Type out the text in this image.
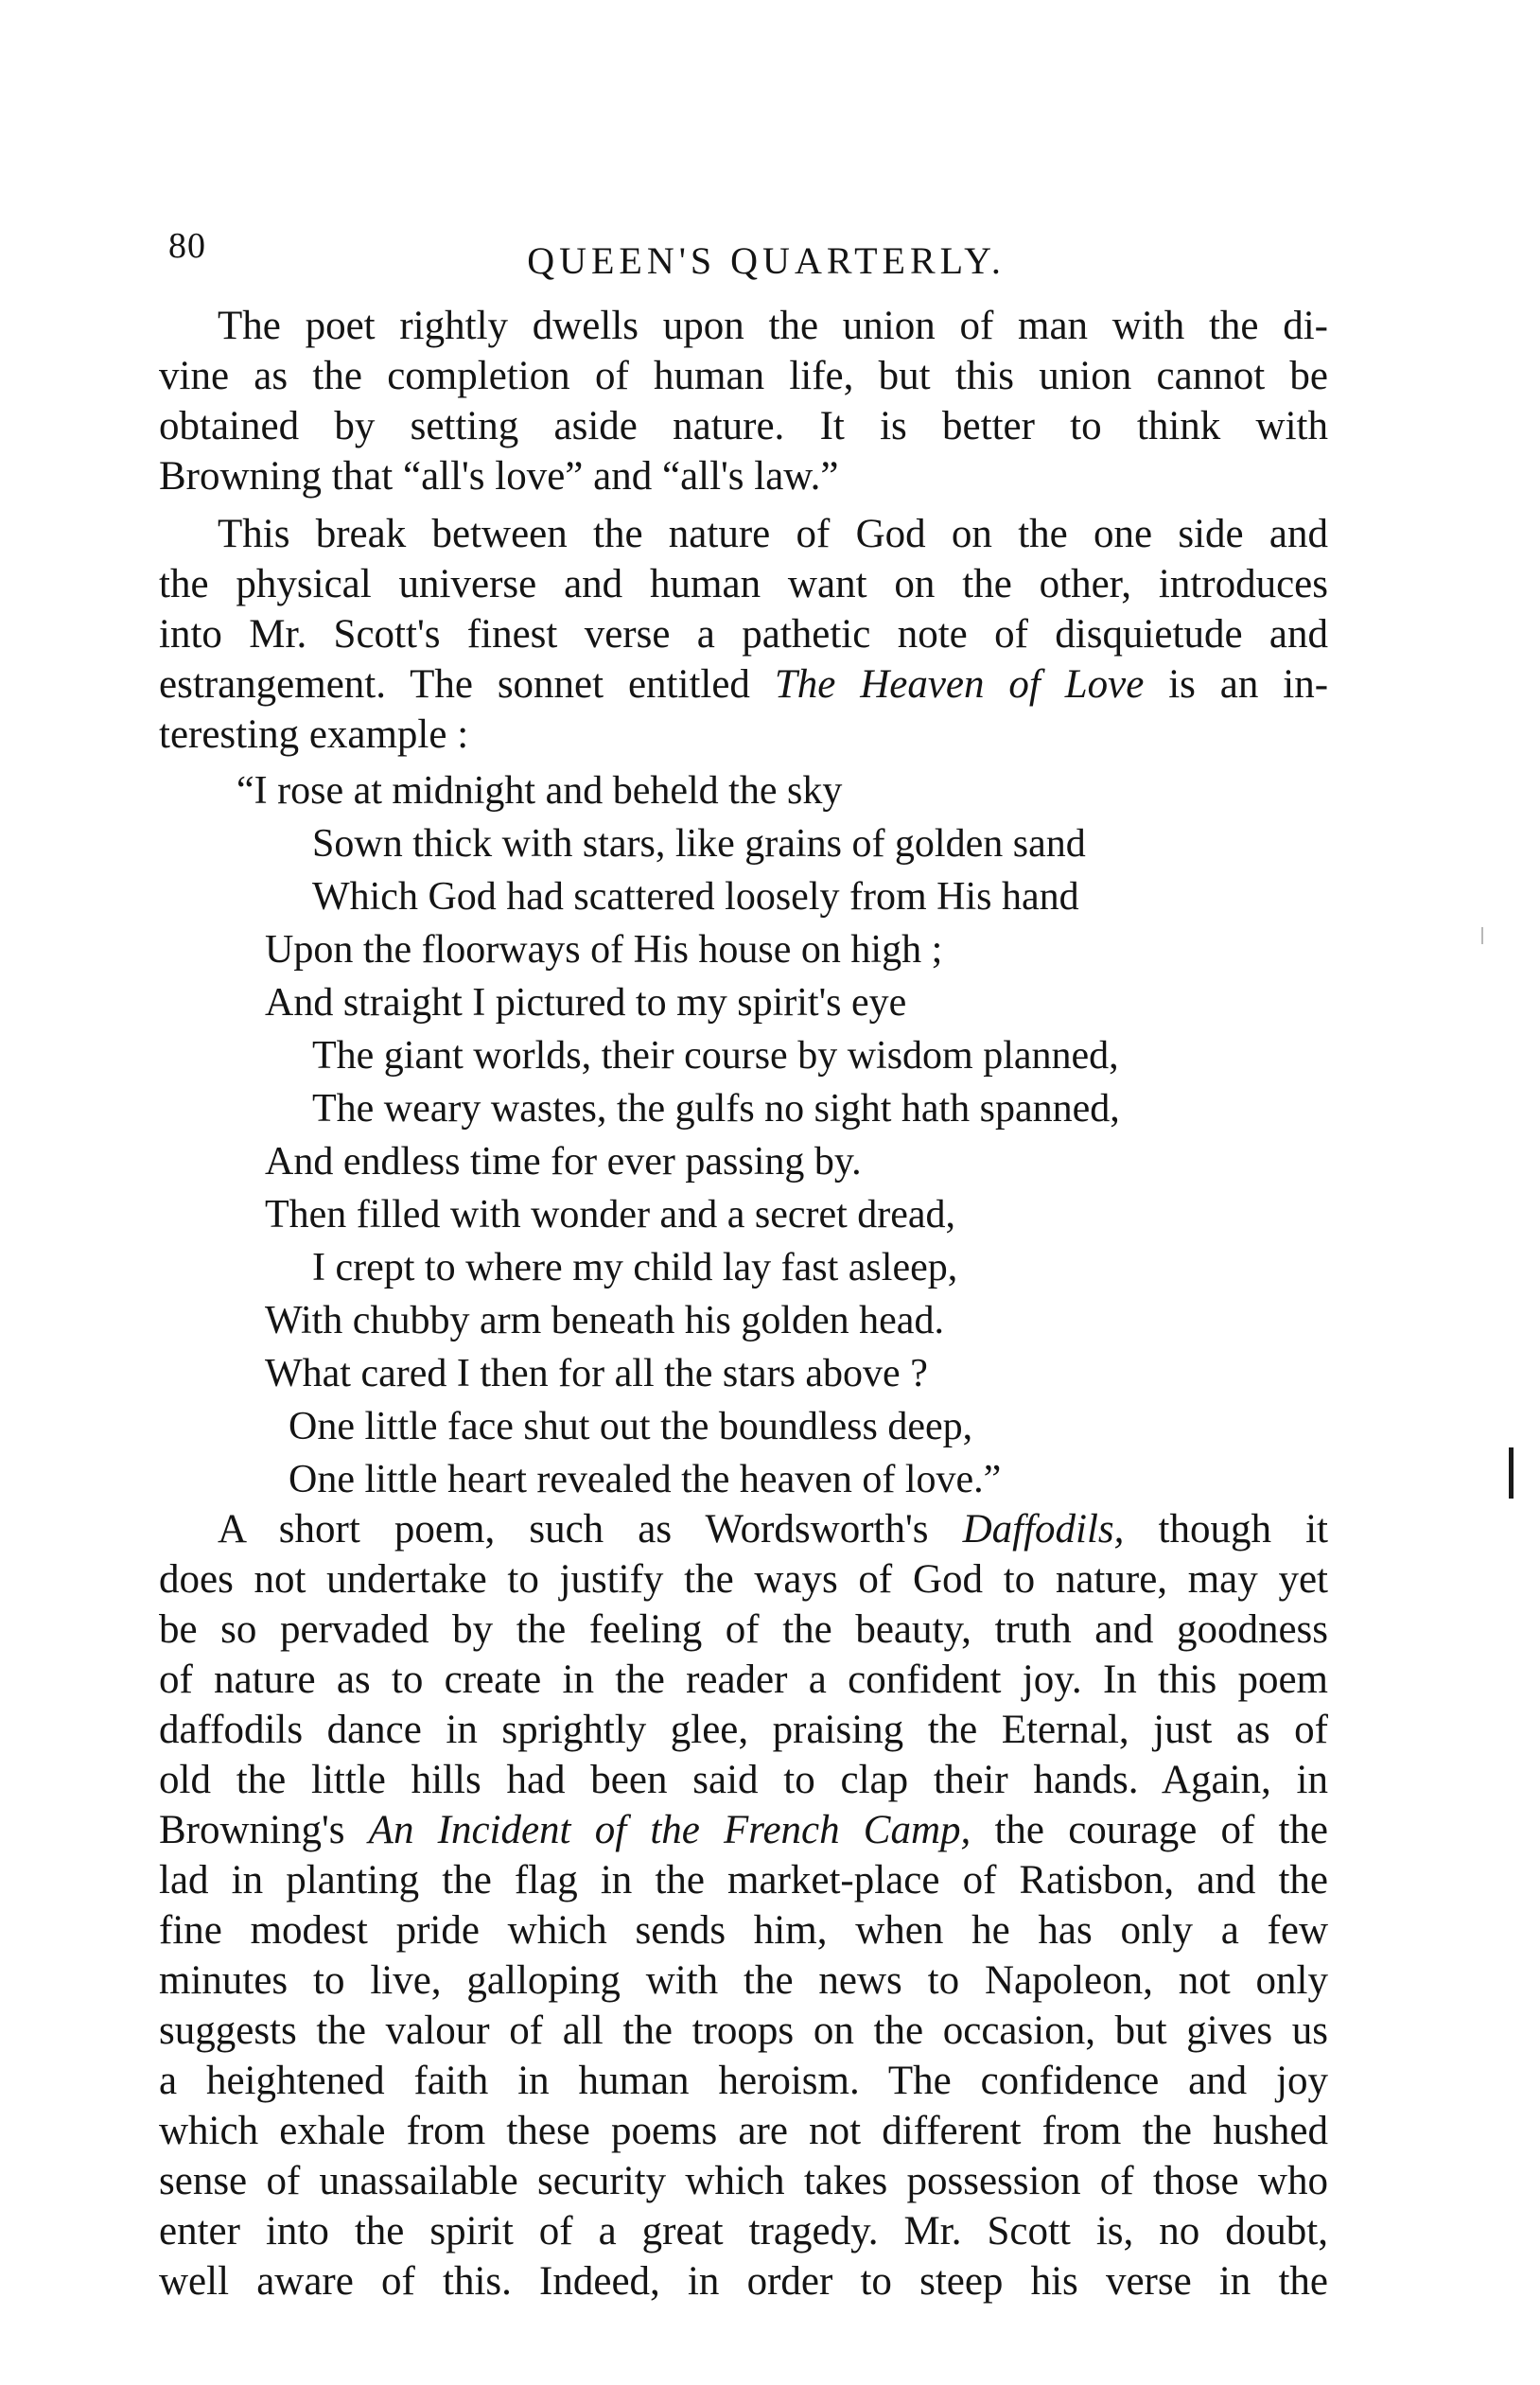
80	QUEEN'S QUARTERLY.
The poet rightly dwells upon the union of man with the di-
vine as the completion of human life, but this union cannot be
obtained by setting aside nature. It is better to think with
Browning that “all's love” and “all's law.”
This break between the nature of God on the one side and
the physical universe and human want on the other, introduces
into Mr. Scott's finest verse a pathetic note of disquietude and
estrangement. The sonnet entitled The Heaven of Love is an in-
teresting example :
“I rose at midnight and beheld the sky
Sown thick with stars, like grains of golden sand
Which God had scattered loosely from His hand
Upon the floorways of His house on high ;
And straight I pictured to my spirit's eye
The giant worlds, their course by wisdom planned,
The weary wastes, the gulfs no sight hath spanned,
And endless time for ever passing by.
Then filled with wonder and a secret dread,
I crept to where my child lay fast asleep,
With chubby arm beneath his golden head.
What cared I then for all the stars above ?
One little face shut out the boundless deep,
One little heart revealed the heaven of love.”
A short poem, such as Wordsworth's Daffodils, though it
does not undertake to justify the ways of God to nature, may yet
be so pervaded by the feeling of the beauty, truth and goodness
of nature as to create in the reader a confident joy. In this poem
daffodils dance in sprightly glee, praising the Eternal, just as of
old the little hills had been said to clap their hands. Again, in
Browning's An Incident of the French Camp, the courage of the
lad in planting the flag in the market-place of Ratisbon, and the
fine modest pride which sends him, when he has only a few
minutes to live, galloping with the news to Napoleon, not only
suggests the valour of all the troops on the occasion, but gives us
a heightened faith in human heroism. The confidence and joy
which exhale from these poems are not different from the hushed
sense of unassailable security which takes possession of those who
enter into the spirit of a great tragedy. Mr. Scott is, no doubt,
well aware of this. Indeed, in order to steep his verse in the
